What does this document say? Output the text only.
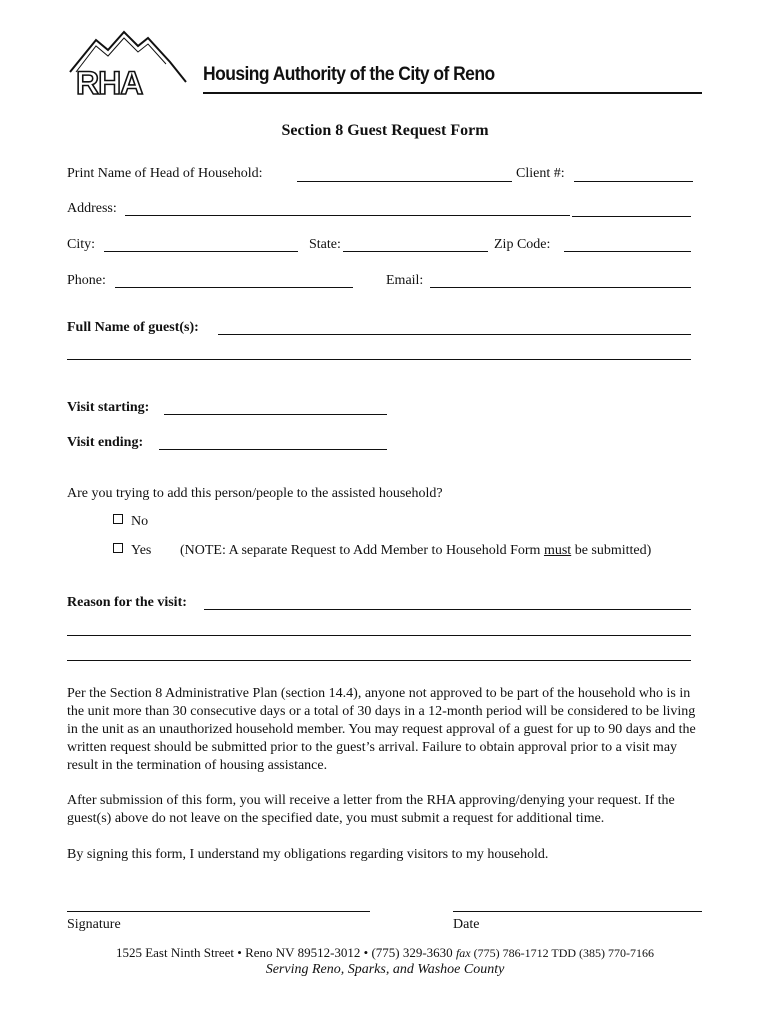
RHA	Housing Authority of the City of Reno
Section 8 Guest Request Form
Print Name of Head of Household:	Client #:
Address:
City:	State:	Zip Code:
Phone:	Email:
Full Name of guest(s):
Visit starting:
Visit ending:
Are you trying to add this person/people to the assisted household?
No
Yes (NOTE: A separate Request to Add Member to Household Form must be submitted)
Reason for the visit:
Per the Section 8 Administrative Plan (section 14.4), anyone not approved to be part of the household who is in the unit more than 30 consecutive days or a total of 30 days in a 12-month period will be considered to be living in the unit as an unauthorized household member. You may request approval of a guest for up to 90 days and the written request should be submitted prior to the guest’s arrival. Failure to obtain approval prior to a visit may result in the termination of housing assistance.
After submission of this form, you will receive a letter from the RHA approving/denying your request. If the guest(s) above do not leave on the specified date, you must submit a request for additional time.
By signing this form, I understand my obligations regarding visitors to my household.
Signature	Date
1525 East Ninth Street • Reno NV 89512-3012 • (775) 329-3630 fax (775) 786-1712 TDD (385) 770-7166
Serving Reno, Sparks, and Washoe County
